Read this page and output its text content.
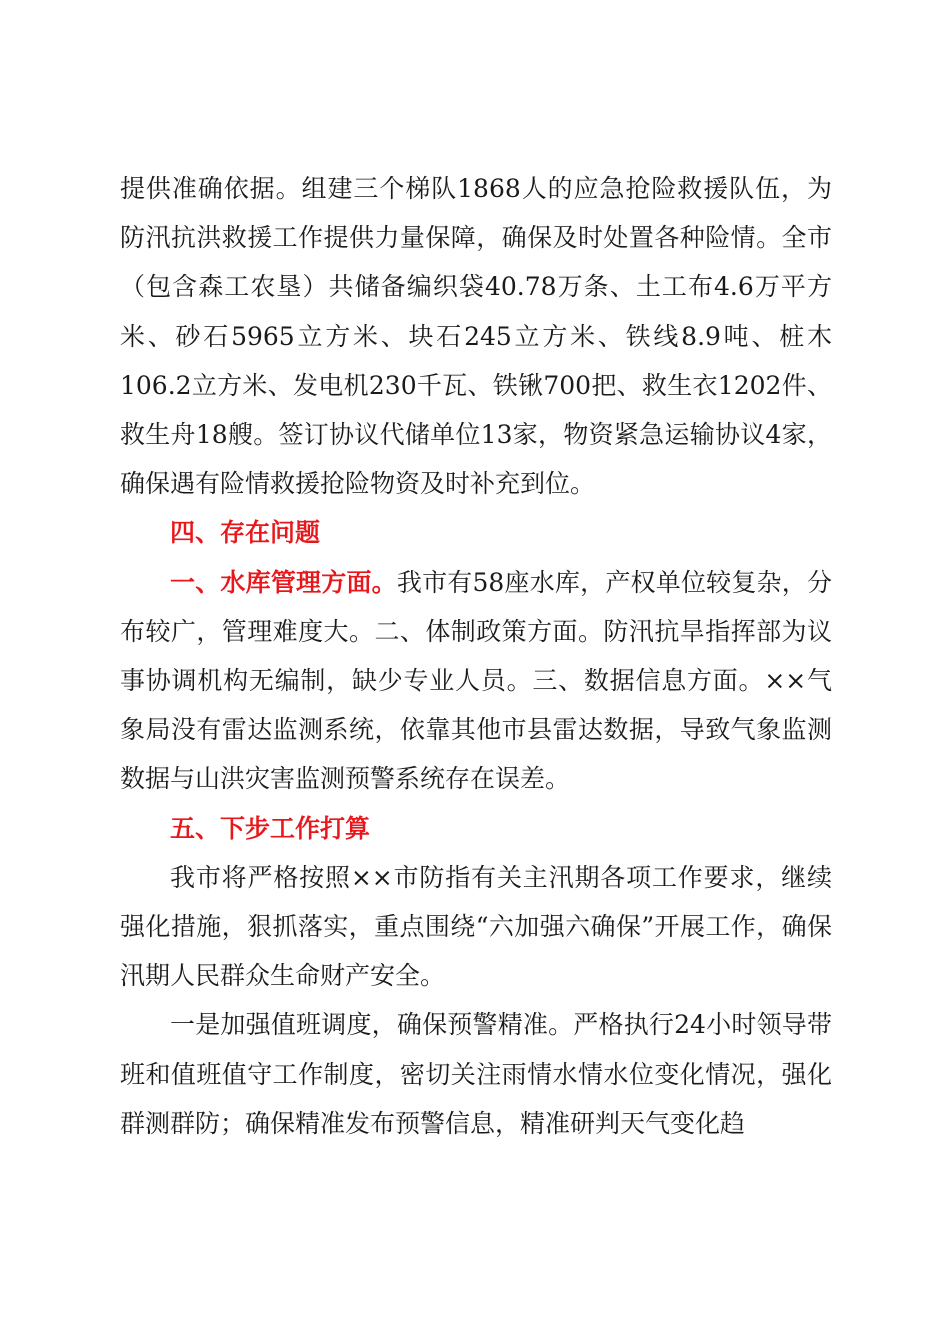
提供准确依据。组建三个梯队1868人的应急抢险救援队伍，为防汛抗洪救援工作提供力量保障，确保及时处置各种险情。全市（包含森工农垦）共储备编织袋40.78万条、土工布4.6万平方米、砂石5965立方米、块石245立方米、铁线8.9吨、桩木106.2立方米、发电机230千瓦、铁锹700把、救生衣1202件、救生舟18艘。签订协议代储单位13家，物资紧急运输协议4家，确保遇有险情救援抢险物资及时补充到位。

四、存在问题

一、水库管理方面。我市有58座水库，产权单位较复杂，分布较广，管理难度大。二、体制政策方面。防汛抗旱指挥部为议事协调机构无编制，缺少专业人员。三、数据信息方面。××气象局没有雷达监测系统，依靠其他市县雷达数据，导致气象监测数据与山洪灾害监测预警系统存在误差。

五、下步工作打算

我市将严格按照××市防指有关主汛期各项工作要求，继续强化措施，狠抓落实，重点围绕“六加强六确保”开展工作，确保汛期人民群众生命财产安全。

一是加强值班调度，确保预警精准。严格执行24小时领导带班和值班值守工作制度，密切关注雨情水情水位变化情况，强化群测群防；确保精准发布预警信息，精准研判天气变化趋
